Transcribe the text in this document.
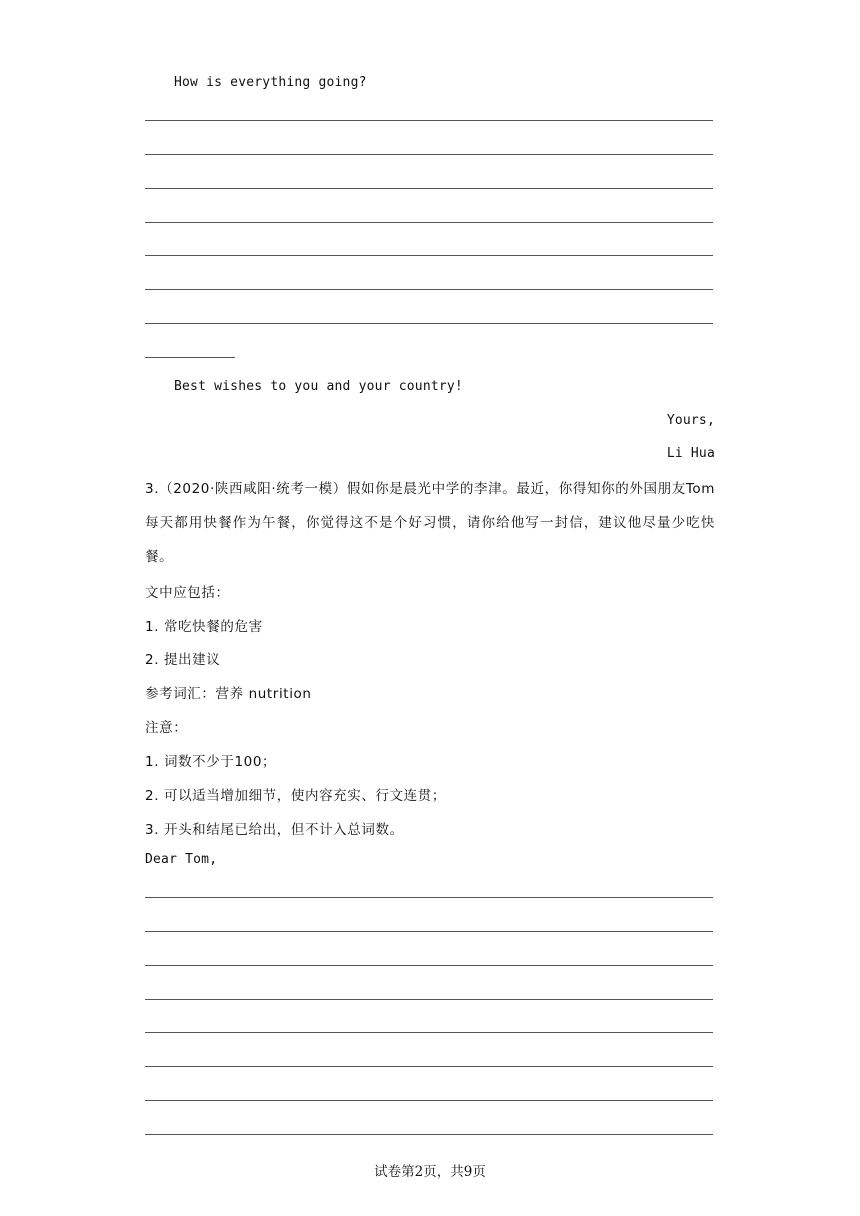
How is everything going?
Best wishes to you and your country!
Yours,
Li Hua
3.（2020·陕西咸阳·统考一模）假如你是晨光中学的李津。最近，你得知你的外国朋友Tom每天都用快餐作为午餐，你觉得这不是个好习惯，请你给他写一封信，建议他尽量少吃快餐。
文中应包括：
1. 常吃快餐的危害
2. 提出建议
参考词汇：营养 nutrition
注意：
1. 词数不少于100；
2. 可以适当增加细节，使内容充实、行文连贯；
3. 开头和结尾已给出，但不计入总词数。
Dear Tom,
试卷第2页，共9页
